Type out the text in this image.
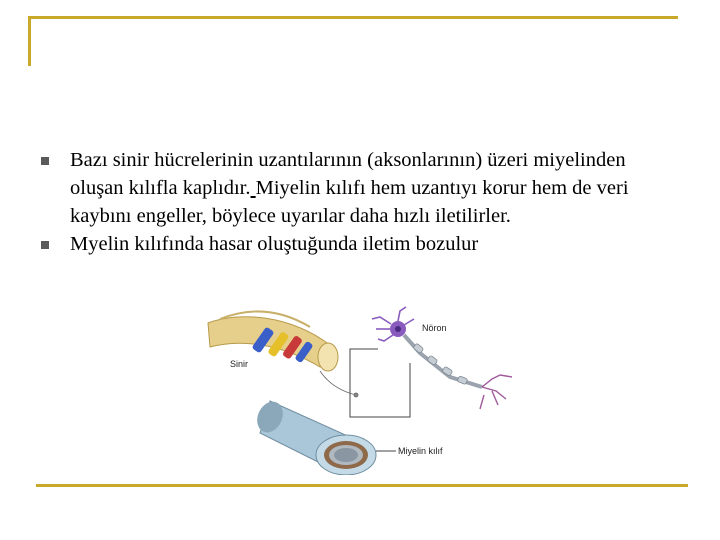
Bazı sinir hücrelerinin uzantılarının (aksonlarının) üzeri miyelinden oluşan kılıfla kaplıdır. Miyelin kılıfı hem uzantıyı korur hem de veri kaybını engeller, böylece uyarılar daha hızlı iletilirler.
Myelin kılıfında hasar oluştuğunda iletim bozulur
Sinir
Nöron
Miyelin kılıf
